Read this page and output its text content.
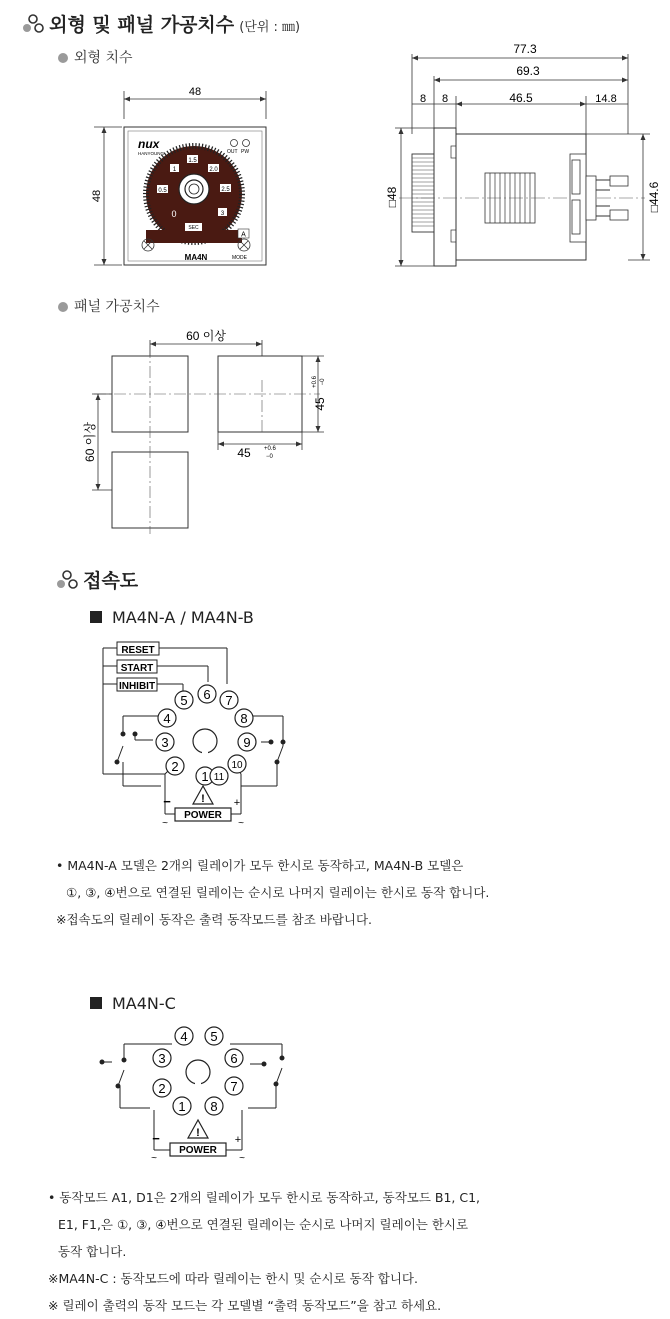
외형 및 패널 가공치수 (단위 : ㎜)
외형 치수
48
48
nux
HANYOUNG	OUT PW
1
1.5
2.0
2.5
3
0
0.5
SEC
A
MA4N	MODE
77.3
69.3
8 8	46.5	14.8
□48	□44.6
패널 가공치수
60 이상
60 이상
45
+0.6 −0
45 +0.6
−0
접속도
MA4N-A / MA4N-B
RESET
START
INHIBIT
1
2
3
4
5 6 7
8
9
10
11
!
POWER
−	+
~	~
• MA4N-A 모델은 2개의 릴레이가 모두 한시로 동작하고, MA4N-B 모델은
①, ③, ④번으로 연결된 릴레이는 순시로 나머지 릴레이는 한시로 동작 합니다.
※접속도의 릴레이 동작은 출력 동작모드를 참조 바랍니다.
MA4N-C
1
2
3
4 5
6
7
8
!
POWER
−	+
~	~
• 동작모드 A1, D1은 2개의 릴레이가 모두 한시로 동작하고, 동작모드 B1, C1,
E1, F1,은 ①, ③, ④번으로 연결된 릴레이는 순시로 나머지 릴레이는 한시로
동작 합니다.
※MA4N-C : 동작모드에 따라 릴레이는 한시 및 순시로 동작 합니다.
※ 릴레이 출력의 동작 모드는 각 모델별 “출력 동작모드”을 참고 하세요.
